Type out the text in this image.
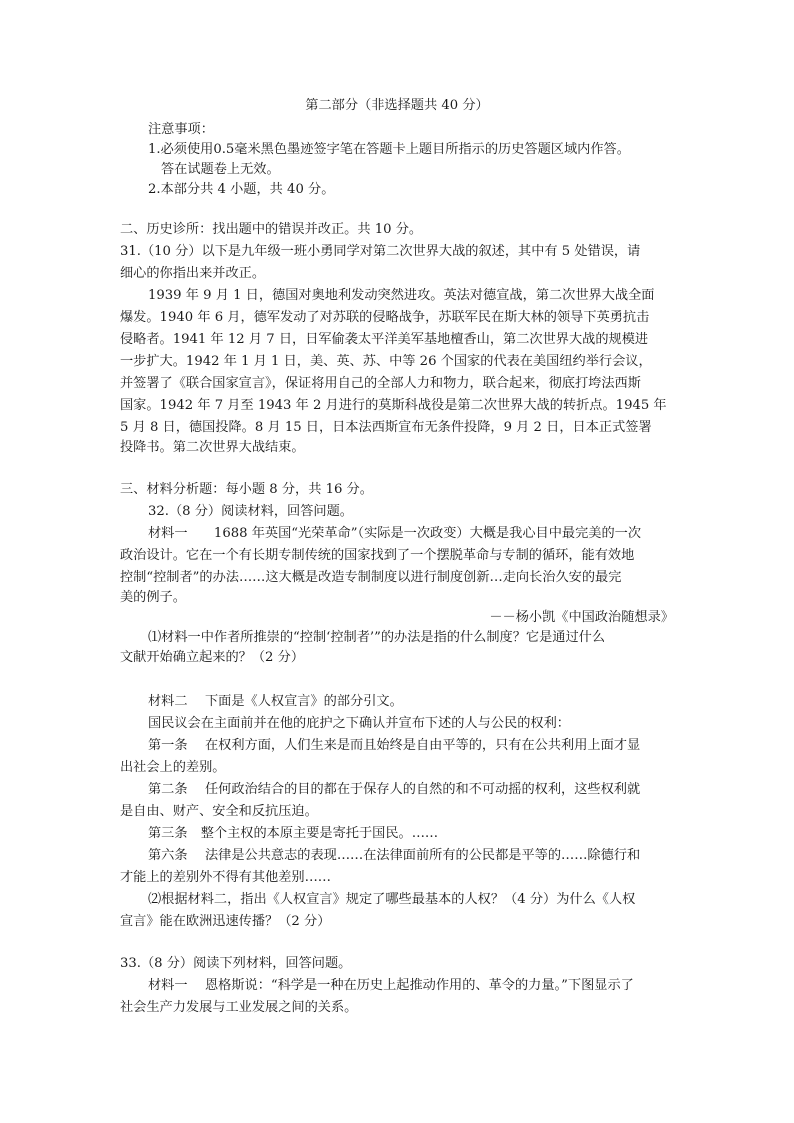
第二部分（非选择题共 40 分）
注意事项：
1.必须使用0.5毫米黑色墨迹签字笔在答题卡上题目所指示的历史答题区域内作答。
答在试题卷上无效。
2.本部分共 4 小题，共 40 分。
二、历史诊所：找出题中的错误并改正。共 10 分。
31.（10 分）以下是九年级一班小勇同学对第二次世界大战的叙述，其中有 5 处错误，请
细心的你指出来并改正。
1939 年 9 月 1 日，德国对奥地利发动突然进攻。英法对德宣战，第二次世界大战全面
爆发。1940 年 6 月，德军发动了对苏联的侵略战争，苏联军民在斯大林的领导下英勇抗击
侵略者。1941 年 12 月 7 日，日军偷袭太平洋美军基地檀香山，第二次世界大战的规模进
一步扩大。1942 年 1 月 1 日，美、英、苏、中等 26 个国家的代表在美国纽约举行会议，
并签署了《联合国家宣言》，保证将用自己的全部人力和物力，联合起来，彻底打垮法西斯
国家。1942 年 7 月至 1943 年 2 月进行的莫斯科战役是第二次世界大战的转折点。1945 年
5 月 8 日，德国投降。8 月 15 日，日本法西斯宣布无条件投降，9 月 2 日，日本正式签署
投降书。第二次世界大战结束。
三、材料分析题：每小题 8 分，共 16 分。
32.（8 分）阅读材料，回答问题。
材料一　　1688 年英国“光荣革命”（实际是一次政变）大概是我心目中最完美的一次
政治设计。它在一个有长期专制传统的国家找到了一个摆脱革命与专制的循环，能有效地
控制“控制者”的办法……这大概是改造专制制度以进行制度创新…走向长治久安的最完
美的例子。
－－杨小凯《中国政治随想录》
⑴材料一中作者所推崇的“控制‘控制者’”的办法是指的什么制度？它是通过什么
文献开始确立起来的？（2 分）
材料二　 下面是《人权宣言》的部分引文。
国民议会在主面前并在他的庇护之下确认并宣布下述的人与公民的权利：
第一条　 在权利方面，人们生来是而且始终是自由平等的，只有在公共利用上面才显
出社会上的差别。
第二条　 任何政治结合的目的都在于保存人的自然的和不可动摇的权利，这些权利就
是自由、财产、安全和反抗压迫。
第三条　整个主权的本原主要是寄托于国民。……
第六条　 法律是公共意志的表现……在法律面前所有的公民都是平等的……除德行和
才能上的差别外不得有其他差别……
⑵根据材料二，指出《人权宣言》规定了哪些最基本的人权？（4 分）为什么《人权
宣言》能在欧洲迅速传播？（2 分）
33.（8 分）阅读下列材料，回答问题。
材料一　 恩格斯说：“科学是一种在历史上起推动作用的、革令的力量。”下图显示了
社会生产力发展与工业发展之间的关系。
